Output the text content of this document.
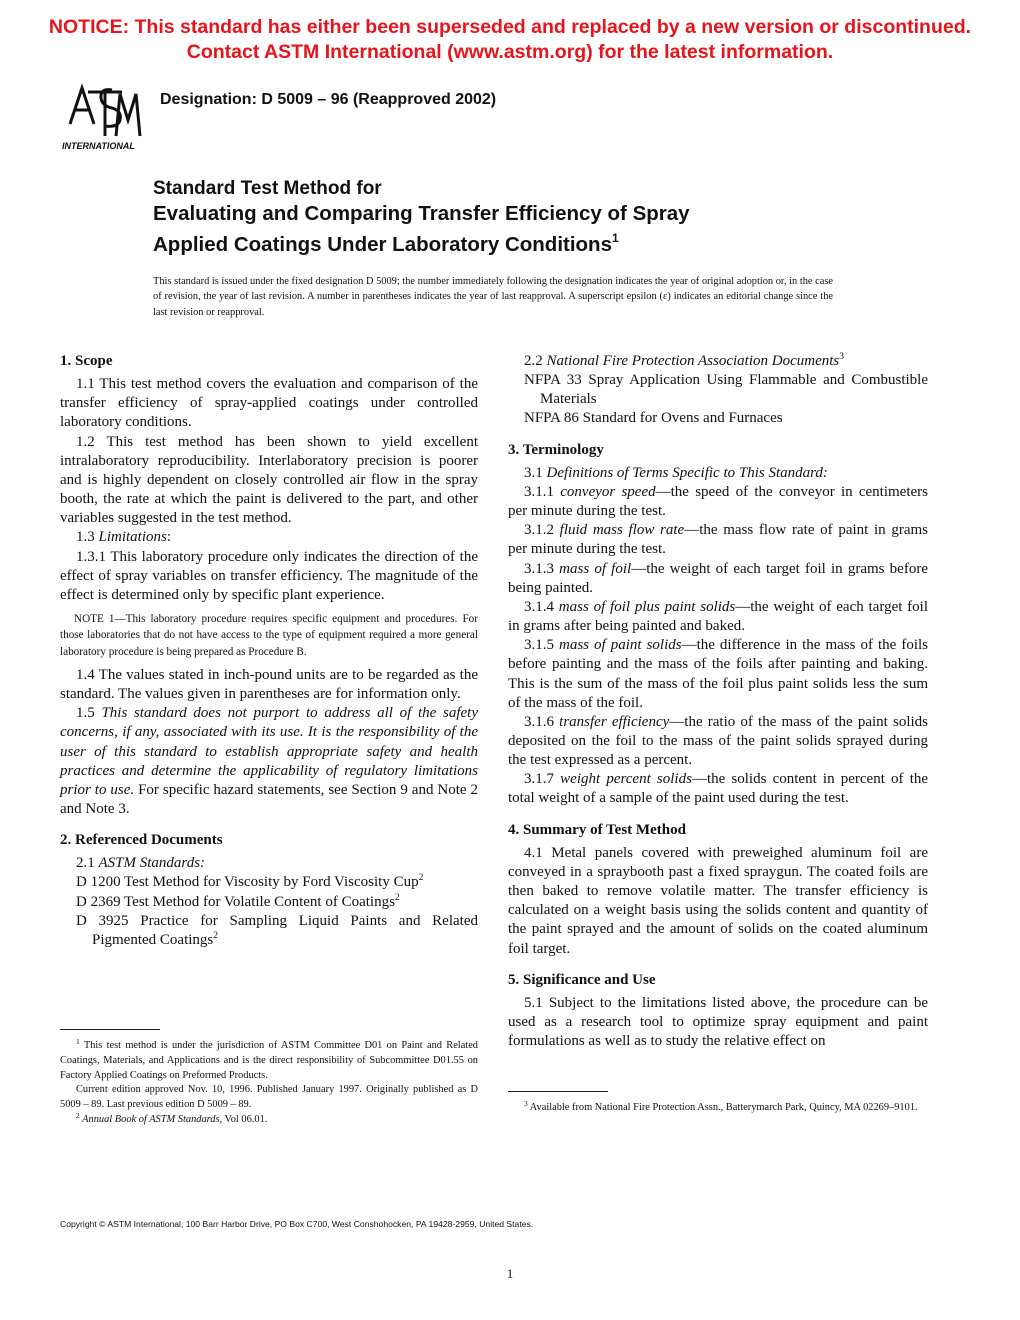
NOTICE: This standard has either been superseded and replaced by a new version or discontinued.
Contact ASTM International (www.astm.org) for the latest information.
INTERNATIONAL
Designation: D 5009 – 96 (Reapproved 2002)
Standard Test Method for
Evaluating and Comparing Transfer Efficiency of Spray
Applied Coatings Under Laboratory Conditions$^1$
This standard is issued under the fixed designation D 5009; the number immediately following the designation indicates the year of original adoption or, in the case of revision, the year of last revision. A number in parentheses indicates the year of last reapproval. A superscript epsilon (ε) indicates an editorial change since the last revision or reapproval.
1. Scope

1.1 This test method covers the evaluation and comparison of the transfer efficiency of spray-applied coatings under controlled laboratory conditions.

1.2 This test method has been shown to yield excellent intralaboratory reproducibility. Interlaboratory precision is poorer and is highly dependent on closely controlled air flow in the spray booth, the rate at which the paint is delivered to the part, and other variables suggested in the test method.

1.3 Limitations:

1.3.1 This laboratory procedure only indicates the direction of the effect of spray variables on transfer efficiency. The magnitude of the effect is determined only by specific plant experience.

NOTE 1—This laboratory procedure requires specific equipment and procedures. For those laboratories that do not have access to the type of equipment required a more general laboratory procedure is being prepared as Procedure B.

1.4 The values stated in inch-pound units are to be regarded as the standard. The values given in parentheses are for information only.

1.5 This standard does not purport to address all of the safety concerns, if any, associated with its use. It is the responsibility of the user of this standard to establish appropriate safety and health practices and determine the applicability of regulatory limitations prior to use. For specific hazard statements, see Section 9 and Note 2 and Note 3.

2. Referenced Documents

2.1 ASTM Standards:

D 1200 Test Method for Viscosity by Ford Viscosity Cup$^2$

D 2369 Test Method for Volatile Content of Coatings$^2$

D 3925 Practice for Sampling Liquid Paints and Related Pigmented Coatings$^2$

2.2 National Fire Protection Association Documents$^3$

NFPA 33 Spray Application Using Flammable and Combustible Materials

NFPA 86 Standard for Ovens and Furnaces

3. Terminology

3.1 Definitions of Terms Specific to This Standard:

3.1.1 conveyor speed—the speed of the conveyor in centimeters per minute during the test.

3.1.2 fluid mass flow rate—the mass flow rate of paint in grams per minute during the test.

3.1.3 mass of foil—the weight of each target foil in grams before being painted.

3.1.4 mass of foil plus paint solids—the weight of each target foil in grams after being painted and baked.

3.1.5 mass of paint solids—the difference in the mass of the foils before painting and the mass of the foils after painting and baking. This is the sum of the mass of the foil plus paint solids less the sum of the mass of the foil.

3.1.6 transfer efficiency—the ratio of the mass of the paint solids deposited on the foil to the mass of the paint solids sprayed during the test expressed as a percent.

3.1.7 weight percent solids—the solids content in percent of the total weight of a sample of the paint used during the test.

4. Summary of Test Method

4.1 Metal panels covered with preweighed aluminum foil are conveyed in a spraybooth past a fixed spraygun. The coated foils are then baked to remove volatile matter. The transfer efficiency is calculated on a weight basis using the solids content and quantity of the paint sprayed and the amount of solids on the coated aluminum foil target.

5. Significance and Use

5.1 Subject to the limitations listed above, the procedure can be used as a research tool to optimize spray equipment and paint formulations as well as to study the relative effect on

$^1$ This test method is under the jurisdiction of ASTM Committee D01 on Paint and Related Coatings, Materials, and Applications and is the direct responsibility of Subcommittee D01.55 on Factory Applied Coatings on Preformed Products.

Current edition approved Nov. 10, 1996. Published January 1997. Originally published as D 5009 – 89. Last previous edition D 5009 – 89.

$^2$ Annual Book of ASTM Standards, Vol 06.01.

$^3$ Available from National Fire Protection Assn., Batterymarch Park, Quincy, MA 02269–9101.

Copyright © ASTM International, 100 Barr Harbor Drive, PO Box C700, West Conshohocken, PA 19428-2959, United States.
1
